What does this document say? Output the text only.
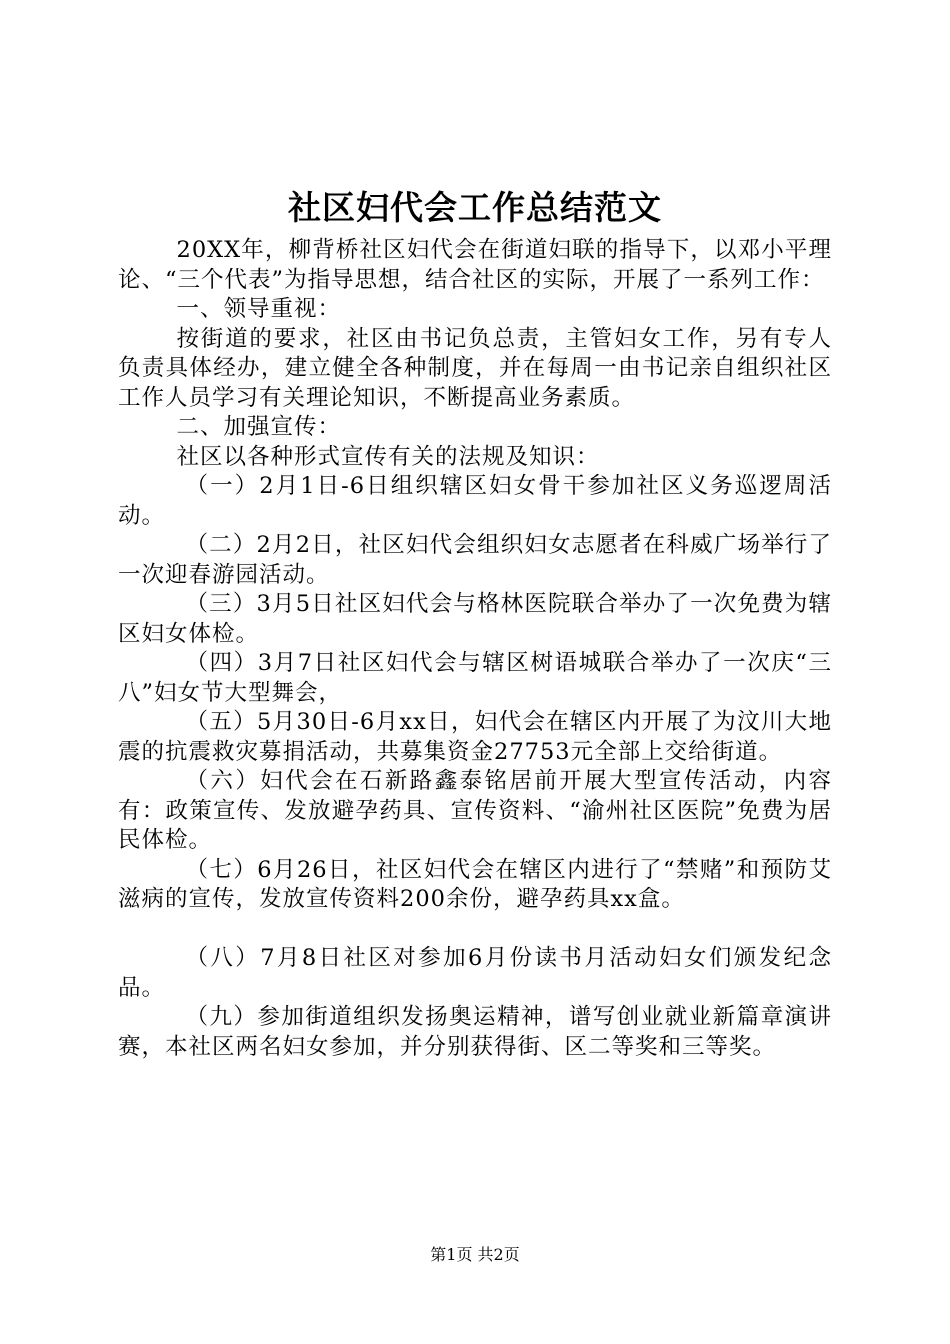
社区妇代会工作总结范文

20XX年，柳背桥社区妇代会在街道妇联的指导下，以邓小平理论、“三个代表”为指导思想，结合社区的实际，开展了一系列工作：

一、领导重视：

按街道的要求，社区由书记负总责，主管妇女工作，另有专人负责具体经办，建立健全各种制度，并在每周一由书记亲自组织社区工作人员学习有关理论知识，不断提高业务素质。

二、加强宣传：

社区以各种形式宣传有关的法规及知识：

（一）2月1日-6日组织辖区妇女骨干参加社区义务巡逻周活动。

（二）2月2日，社区妇代会组织妇女志愿者在科威广场举行了一次迎春游园活动。

（三）3月5日社区妇代会与格林医院联合举办了一次免费为辖区妇女体检。

（四）3月7日社区妇代会与辖区树语城联合举办了一次庆“三八”妇女节大型舞会，

（五）5月30日-6月xx日，妇代会在辖区内开展了为汶川大地震的抗震救灾募捐活动，共募集资金27753元全部上交给街道。

（六）妇代会在石新路鑫泰铭居前开展大型宣传活动，内容有：政策宣传、发放避孕药具、宣传资料、“渝州社区医院”免费为居民体检。

（七）6月26日，社区妇代会在辖区内进行了“禁赌”和预防艾滋病的宣传，发放宣传资料200余份，避孕药具xx盒。

（八）7月8日社区对参加6月份读书月活动妇女们颁发纪念品。

（九）参加街道组织发扬奥运精神，谱写创业就业新篇章演讲赛，本社区两名妇女参加，并分别获得街、区二等奖和三等奖。

第1页 共2页
